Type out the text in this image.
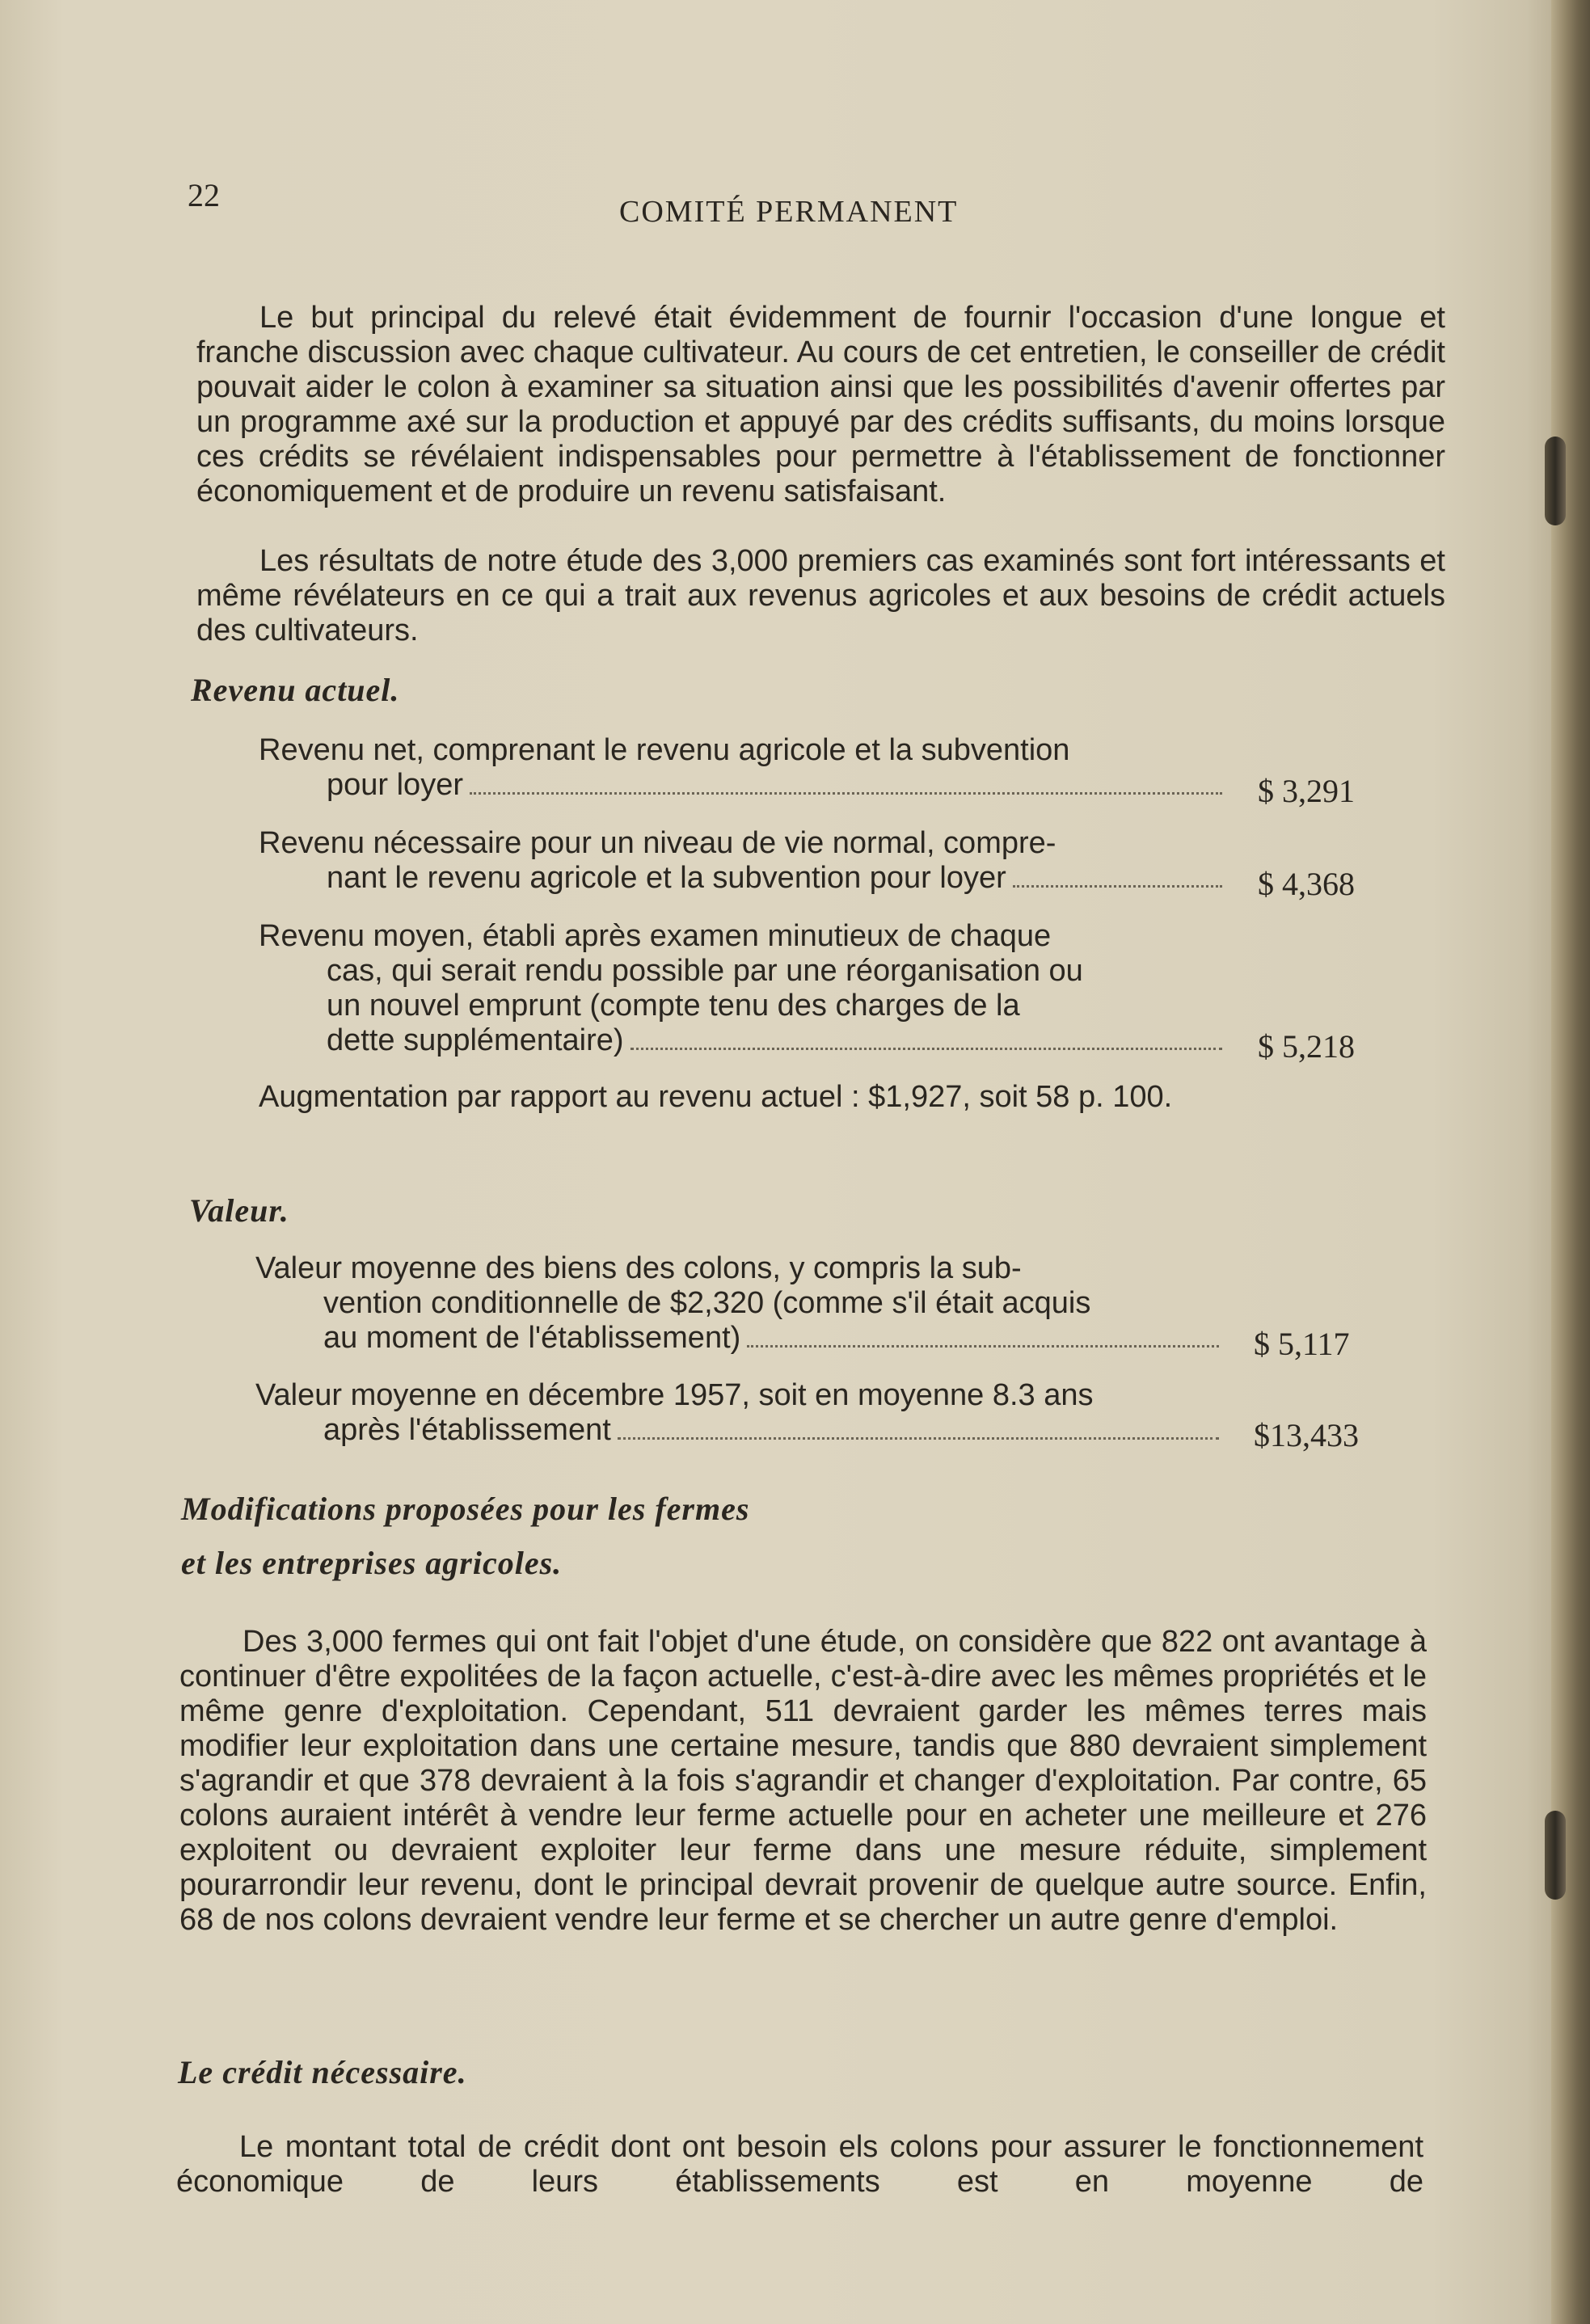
22	COMITÉ PERMANENT

Le but principal du relevé était évidemment de fournir l'occasion d'une longue et franche discussion avec chaque cultivateur. Au cours de cet entretien, le conseiller de crédit pouvait aider le colon à examiner sa situation ainsi que les possibilités d'avenir offertes par un programme axé sur la production et appuyé par des crédits suffisants, du moins lorsque ces crédits se révélaient indispensables pour permettre à l'établissement de fonctionner économiquement et de produire un revenu satisfaisant.

Les résultats de notre étude des 3,000 premiers cas examinés sont fort intéressants et même révélateurs en ce qui a trait aux revenus agricoles et aux besoins de crédit actuels des cultivateurs.

Revenu actuel.

Revenu net, comprenant le revenu agricole et la subvention
pour loyer	$ 3,291

Revenu nécessaire pour un niveau de vie normal, compre-
nant le revenu agricole et la subvention pour loyer	$ 4,368

Revenu moyen, établi après examen minutieux de chaque
cas, qui serait rendu possible par une réorganisation ou
un nouvel emprunt (compte tenu des charges de la
dette supplémentaire)	$ 5,218

Augmentation par rapport au revenu actuel : $1,927, soit 58 p. 100.

Valeur.

Valeur moyenne des biens des colons, y compris la sub-
vention conditionnelle de $2,320 (comme s'il était acquis
au moment de l'établissement)	$ 5,117

Valeur moyenne en décembre 1957, soit en moyenne 8.3 ans
après l'établissement	$13,433

Modifications proposées pour les fermes

et les entreprises agricoles.

Des 3,000 fermes qui ont fait l'objet d'une étude, on considère que 822 ont avantage à continuer d'être expolitées de la façon actuelle, c'est-à-dire avec les mêmes propriétés et le même genre d'exploitation. Cependant, 511 devraient garder les mêmes terres mais modifier leur exploitation dans une certaine mesure, tandis que 880 devraient simplement s'agrandir et que 378 devraient à la fois s'agrandir et changer d'exploitation. Par contre, 65 colons auraient intérêt à vendre leur ferme actuelle pour en acheter une meilleure et 276 exploitent ou devraient exploiter leur ferme dans une mesure réduite, simplement pourarrondir leur revenu, dont le principal devrait provenir de quelque autre source. Enfin, 68 de nos colons devraient vendre leur ferme et se chercher un autre genre d'emploi.

Le crédit nécessaire.

Le montant total de crédit dont ont besoin els colons pour assurer le fonctionnement économique de leurs établissements est en moyenne de
